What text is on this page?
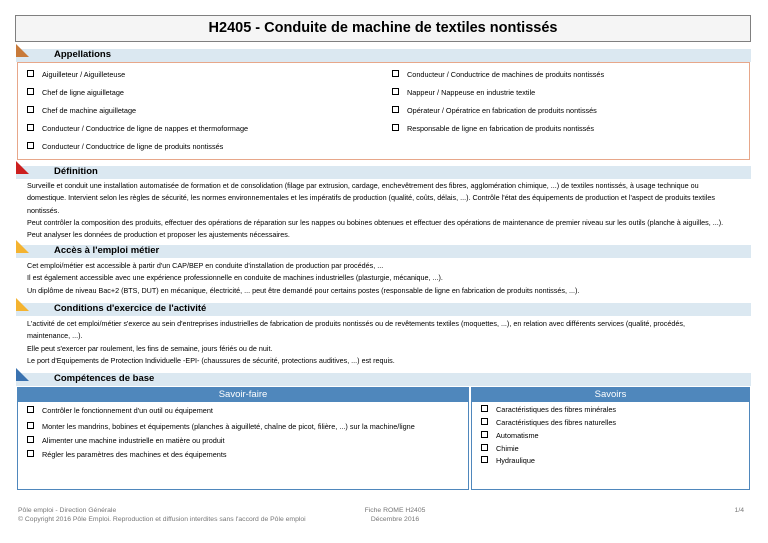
H2405 - Conduite de machine de textiles nontissés
Appellations
Aiguilleteur / Aiguilleteuse
Chef de ligne aiguilletage
Chef de machine aiguilletage
Conducteur / Conductrice de ligne de nappes et thermoformage
Conducteur / Conductrice de ligne de produits nontissés
Conducteur / Conductrice de machines de produits nontissés
Nappeur / Nappeuse en industrie textile
Opérateur / Opératrice en fabrication de produits nontissés
Responsable de ligne en fabrication de produits nontissés
Définition

Surveille et conduit une installation automatisée de formation et de consolidation (filage par extrusion, cardage, enchevêtrement des fibres, agglomération chimique, ...) de textiles nontissés, à usage technique ou

domestique. Intervient selon les règles de sécurité, les normes environnementales et les impératifs de production (qualité, coûts, délais, ...). Contrôle l'état des équipements de production et l'aspect de produits textiles

nontissés.

Peut contrôler la composition des produits, effectuer des opérations de réparation sur les nappes ou bobines obtenues et effectuer des opérations de maintenance de premier niveau sur les outils (planche à aiguilles, ...).

Peut analyser les données de production et proposer les ajustements nécessaires.

Accès à l'emploi métier

Cet emploi/métier est accessible à partir d'un CAP/BEP en conduite d'installation de production par procédés, ...

Il est également accessible avec une expérience professionnelle en conduite de machines industrielles (plasturgie, mécanique, ...).

Un diplôme de niveau Bac+2 (BTS, DUT) en mécanique, électricité, ... peut être demandé pour certains postes (responsable de ligne en fabrication de produits nontissés, ...).

Conditions d'exercice de l'activité

L'activité de cet emploi/métier s'exerce au sein d'entreprises industrielles de fabrication de produits nontissés ou de revêtements textiles (moquettes, ...), en relation avec différents services (qualité, procédés,

maintenance, ...).

Elle peut s'exercer par roulement, les fins de semaine, jours fériés ou de nuit.

Le port d'Equipements de Protection Individuelle -EPI- (chaussures de sécurité, protections auditives, ...) est requis.

Compétences de base
Savoir-faire	Savoirs
Contrôler le fonctionnement d'un outil ou équipement
Monter les mandrins, bobines et équipements (planches à aiguilleté, chaîne de picot, filière, ...) sur la machine/ligne
Alimenter une machine industrielle en matière ou produit
Régler les paramètres des machines et des équipements
Caractéristiques des fibres minérales
Caractéristiques des fibres naturelles
Automatisme
Chimie
Hydraulique
Pôle emploi - Direction Générale
© Copyright 2016 Pôle Emploi. Reproduction et diffusion interdites sans l'accord de Pôle emploi
Fiche ROME H2405
Décembre 2016
1/4
